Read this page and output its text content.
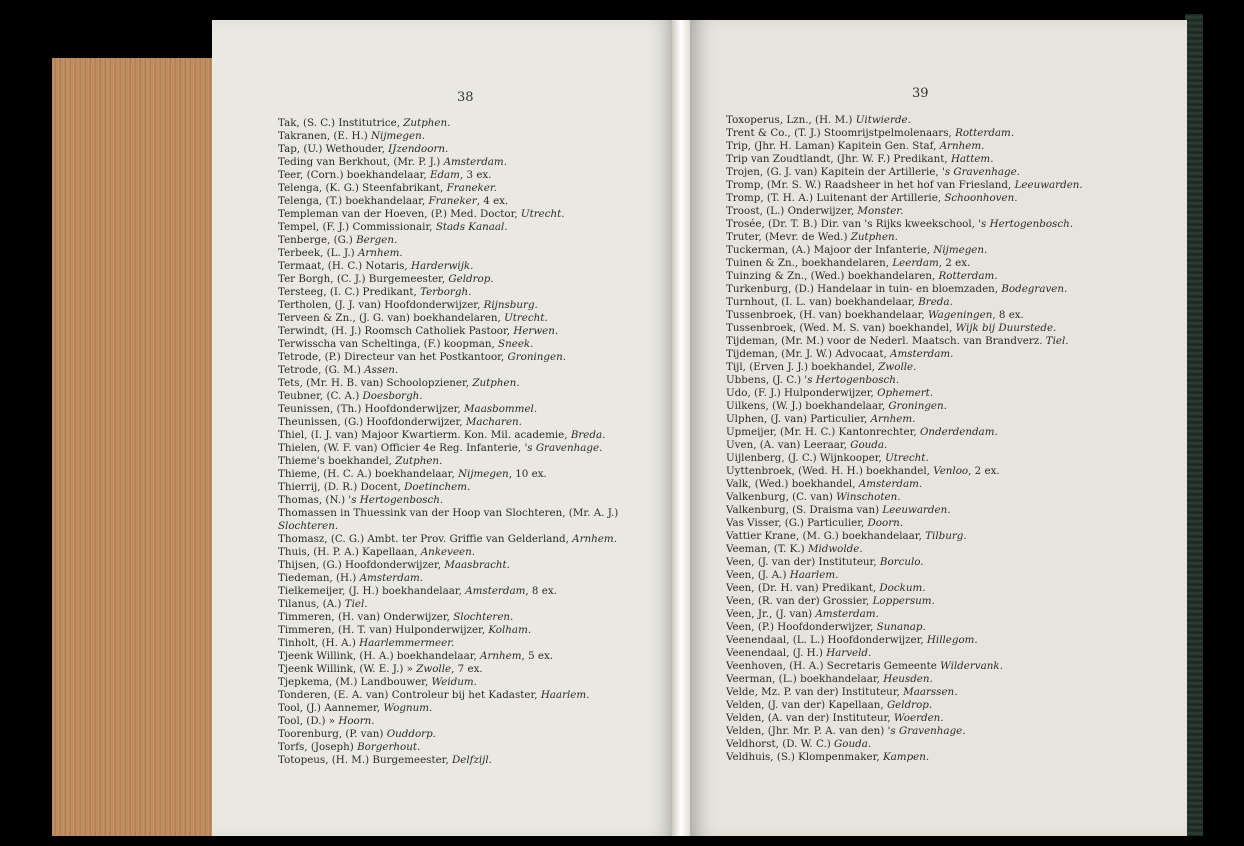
38
Tak, (S. C.) Institutrice, Zutphen.
Takranen, (E. H.) Nijmegen.
Tap, (U.) Wethouder, IJzendoorn.
Teding van Berkhout, (Mr. P. J.) Amsterdam.
Teer, (Corn.) boekhandelaar, Edam, 3 ex.
Telenga, (K. G.) Steenfabrikant, Franeker.
Telenga, (T.) boekhandelaar, Franeker, 4 ex.
Templeman van der Hoeven, (P.) Med. Doctor, Utrecht.
Tempel, (F. J.) Commissionair, Stads Kanaal.
Tenberge, (G.) Bergen.
Terbeek, (L. J.) Arnhem.
Termaat, (H. C.) Notaris, Harderwijk.
Ter Borgh, (C. J.) Burgemeester, Geldrop.
Tersteeg, (I. C.) Predikant, Terborgh.
Tertholen, (J. J. van) Hoofdonderwijzer, Rijnsburg.
Terveen & Zn., (J. G. van) boekhandelaren, Utrecht.
Terwindt, (H. J.) Roomsch Catholiek Pastoor, Herwen.
Terwisscha van Scheltinga, (F.) koopman, Sneek.
Tetrode, (P.) Directeur van het Postkantoor, Groningen.
Tetrode, (G. M.) Assen.
Tets, (Mr. H. B. van) Schoolopziener, Zutphen.
Teubner, (C. A.) Doesborgh.
Teunissen, (Th.) Hoofdonderwijzer, Maasbommel.
Theunissen, (G.) Hoofdonderwijzer, Macharen.
Thiel, (I. J. van) Majoor Kwartierm. Kon. Mil. academie, Breda.
Thielen, (W. F. van) Officier 4e Reg. Infanterie, 's Gravenhage.
Thieme's boekhandel, Zutphen.
Thieme, (H. C. A.) boekhandelaar, Nijmegen, 10 ex.
Thierrij, (D. R.) Docent, Doetinchem.
Thomas, (N.) 's Hertogenbosch.
Thomassen in Thuessink van der Hoop van Slochteren, (Mr. A. J.)
Slochteren.
Thomasz, (C. G.) Ambt. ter Prov. Griffie van Gelderland, Arnhem.
Thuis, (H. P. A.) Kapellaan, Ankeveen.
Thijsen, (G.) Hoofdonderwijzer, Maasbracht.
Tiedeman, (H.) Amsterdam.
Tielkemeijer, (J. H.) boekhandelaar, Amsterdam, 8 ex.
Tilanus, (A.) Tiel.
Timmeren, (H. van) Onderwijzer, Slochteren.
Timmeren, (H. T. van) Hulponderwijzer, Kolham.
Tinholt, (H. A.) Haarlemmermeer.
Tjeenk Willink, (H. A.) boekhandelaar, Arnhem, 5 ex.
Tjeenk Willink, (W. E. J.) » Zwolle, 7 ex.
Tjepkema, (M.) Landbouwer, Weidum.
Tonderen, (E. A. van) Controleur bij het Kadaster, Haarlem.
Tool, (J.) Aannemer, Wognum.
Tool, (D.) » Hoorn.
Toorenburg, (P. van) Ouddorp.
Torfs, (Joseph) Borgerhout.
Totopeus, (H. M.) Burgemeester, Delfzijl.
39
Toxoperus, Lzn., (H. M.) Uitwierde.
Trent & Co., (T. J.) Stoomrijstpelmolenaars, Rotterdam.
Trip, (Jhr. H. Laman) Kapitein Gen. Staf, Arnhem.
Trip van Zoudtlandt, (Jhr. W. F.) Predikant, Hattem.
Trojen, (G. J. van) Kapitein der Artillerie, 's Gravenhage.
Tromp, (Mr. S. W.) Raadsheer in het hof van Friesland, Leeuwarden.
Tromp, (T. H. A.) Luitenant der Artillerie, Schoonhoven.
Troost, (L.) Onderwijzer, Monster.
Trosée, (Dr. T. B.) Dir. van 's Rijks kweekschool, 's Hertogenbosch.
Truter, (Mevr. de Wed.) Zutphen.
Tuckerman, (A.) Majoor der Infanterie, Nijmegen.
Tuinen & Zn., boekhandelaren, Leerdam, 2 ex.
Tuinzing & Zn., (Wed.) boekhandelaren, Rotterdam.
Turkenburg, (D.) Handelaar in tuin- en bloemzaden, Bodegraven.
Turnhout, (I. L. van) boekhandelaar, Breda.
Tussenbroek, (H. van) boekhandelaar, Wageningen, 8 ex.
Tussenbroek, (Wed. M. S. van) boekhandel, Wijk bij Duurstede.
Tijdeman, (Mr. M.) voor de Nederl. Maatsch. van Brandverz. Tiel.
Tijdeman, (Mr. J. W.) Advocaat, Amsterdam.
Tijl, (Erven J. J.) boekhandel, Zwolle.
Ubbens, (J. C.) 's Hertogenbosch.
Udo, (F. J.) Hulponderwijzer, Ophemert.
Uilkens, (W. J.) boekhandelaar, Groningen.
Ulphen, (J. van) Particulier, Arnhem.
Upmeijer, (Mr. H. C.) Kantonrechter, Onderdendam.
Uven, (A. van) Leeraar, Gouda.
Uijlenberg, (J. C.) Wijnkooper, Utrecht.
Uyttenbroek, (Wed. H. H.) boekhandel, Venloo, 2 ex.
Valk, (Wed.) boekhandel, Amsterdam.
Valkenburg, (C. van) Winschoten.
Valkenburg, (S. Draisma van) Leeuwarden.
Vas Visser, (G.) Particulier, Doorn.
Vattier Krane, (M. G.) boekhandelaar, Tilburg.
Veeman, (T. K.) Midwolde.
Veen, (J. van der) Instituteur, Borculo.
Veen, (J. A.) Haarlem.
Veen, (Dr. H. van) Predikant, Dockum.
Veen, (R. van der) Grossier, Loppersum.
Veen, Jr., (J. van) Amsterdam.
Veen, (P.) Hoofdonderwijzer, Sunanap.
Veenendaal, (L. L.) Hoofdonderwijzer, Hillegom.
Veenendaal, (J. H.) Harveld.
Veenhoven, (H. A.) Secretaris Gemeente Wildervank.
Veerman, (L.) boekhandelaar, Heusden.
Velde, Mz. P. van der) Instituteur, Maarssen.
Velden, (J. van der) Kapellaan, Geldrop.
Velden, (A. van der) Instituteur, Woerden.
Velden, (Jhr. Mr. P. A. van den) 's Gravenhage.
Veldhorst, (D. W. C.) Gouda.
Veldhuis, (S.) Klompenmaker, Kampen.
